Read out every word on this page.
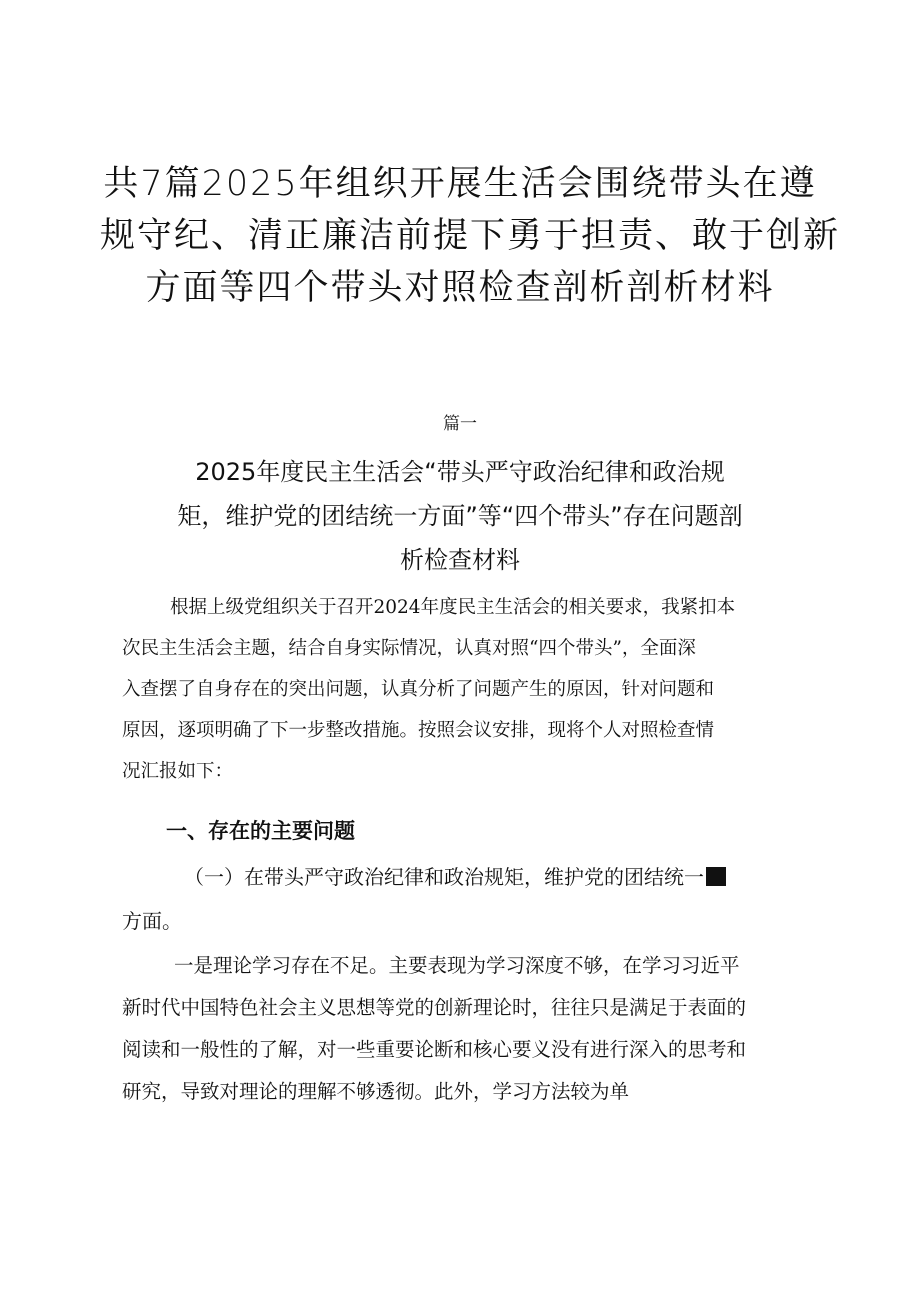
共7篇2025年组织开展生活会围绕带头在遵
规守纪、清正廉洁前提下勇于担责、敢于创新
方面等四个带头对照检查剖析剖析材料

篇一

2025年度民主生活会“带头严守政治纪律和政治规
矩，维护党的团结统一方面”等“四个带头”存在问题剖
析检查材料
根据上级党组织关于召开2024年度民主生活会的相关要求，我紧扣本
次民主生活会主题，结合自身实际情况，认真对照“四个带头”，全面深
入查摆了自身存在的突出问题，认真分析了问题产生的原因，针对问题和
原因，逐项明确了下一步整改措施。按照会议安排，现将个人对照检查情
况汇报如下：
一、存在的主要问题
（一）在带头严守政治纪律和政治规矩，维护党的团结统一
方面。
一是理论学习存在不足。主要表现为学习深度不够，在学习习近平
新时代中国特色社会主义思想等党的创新理论时，往往只是满足于表面的
阅读和一般性的了解，对一些重要论断和核心要义没有进行深入的思考和
研究，导致对理论的理解不够透彻。此外，学习方法较为单
